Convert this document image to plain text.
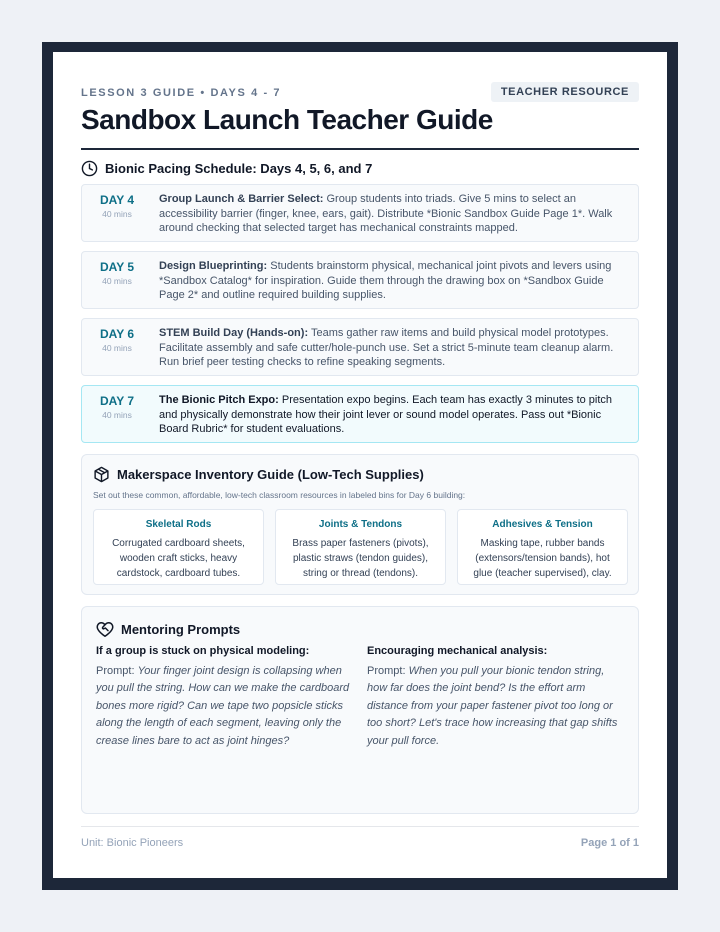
LESSON 3 GUIDE • DAYS 4 - 7	TEACHER RESOURCE
Sandbox Launch Teacher Guide
Bionic Pacing Schedule: Days 4, 5, 6, and 7
DAY 4
40 mins
Group Launch & Barrier Select: Group students into triads. Give 5 mins to select an accessibility barrier (finger, knee, ears, gait). Distribute *Bionic Sandbox Guide Page 1*. Walk around checking that selected target has mechanical constraints mapped.
DAY 5
40 mins
Design Blueprinting: Students brainstorm physical, mechanical joint pivots and levers using *Sandbox Catalog* for inspiration. Guide them through the drawing box on *Sandbox Guide Page 2* and outline required building supplies.
DAY 6
40 mins
STEM Build Day (Hands-on): Teams gather raw items and build physical model prototypes. Facilitate assembly and safe cutter/hole-punch use. Set a strict 5-minute team cleanup alarm. Run brief peer testing checks to refine speaking segments.
DAY 7
40 mins
The Bionic Pitch Expo: Presentation expo begins. Each team has exactly 3 minutes to pitch and physically demonstrate how their joint lever or sound model operates. Pass out *Bionic Board Rubric* for student evaluations.
Makerspace Inventory Guide (Low-Tech Supplies)
Set out these common, affordable, low-tech classroom resources in labeled bins for Day 6 building:
Skeletal Rods
Corrugated cardboard sheets, wooden craft sticks, heavy cardstock, cardboard tubes.
Joints & Tendons
Brass paper fasteners (pivots), plastic straws (tendon guides), string or thread (tendons).
Adhesives & Tension
Masking tape, rubber bands (extensors/tension bands), hot glue (teacher supervised), clay.
Mentoring Prompts
If a group is stuck on physical modeling:
Prompt: Your finger joint design is collapsing when you pull the string. How can we make the cardboard bones more rigid? Can we tape two popsicle sticks along the length of each segment, leaving only the crease lines bare to act as joint hinges?
Encouraging mechanical analysis:
Prompt: When you pull your bionic tendon string, how far does the joint bend? Is the effort arm distance from your paper fastener pivot too long or too short? Let's trace how increasing that gap shifts your pull force.
Unit: Bionic Pioneers	Page 1 of 1
